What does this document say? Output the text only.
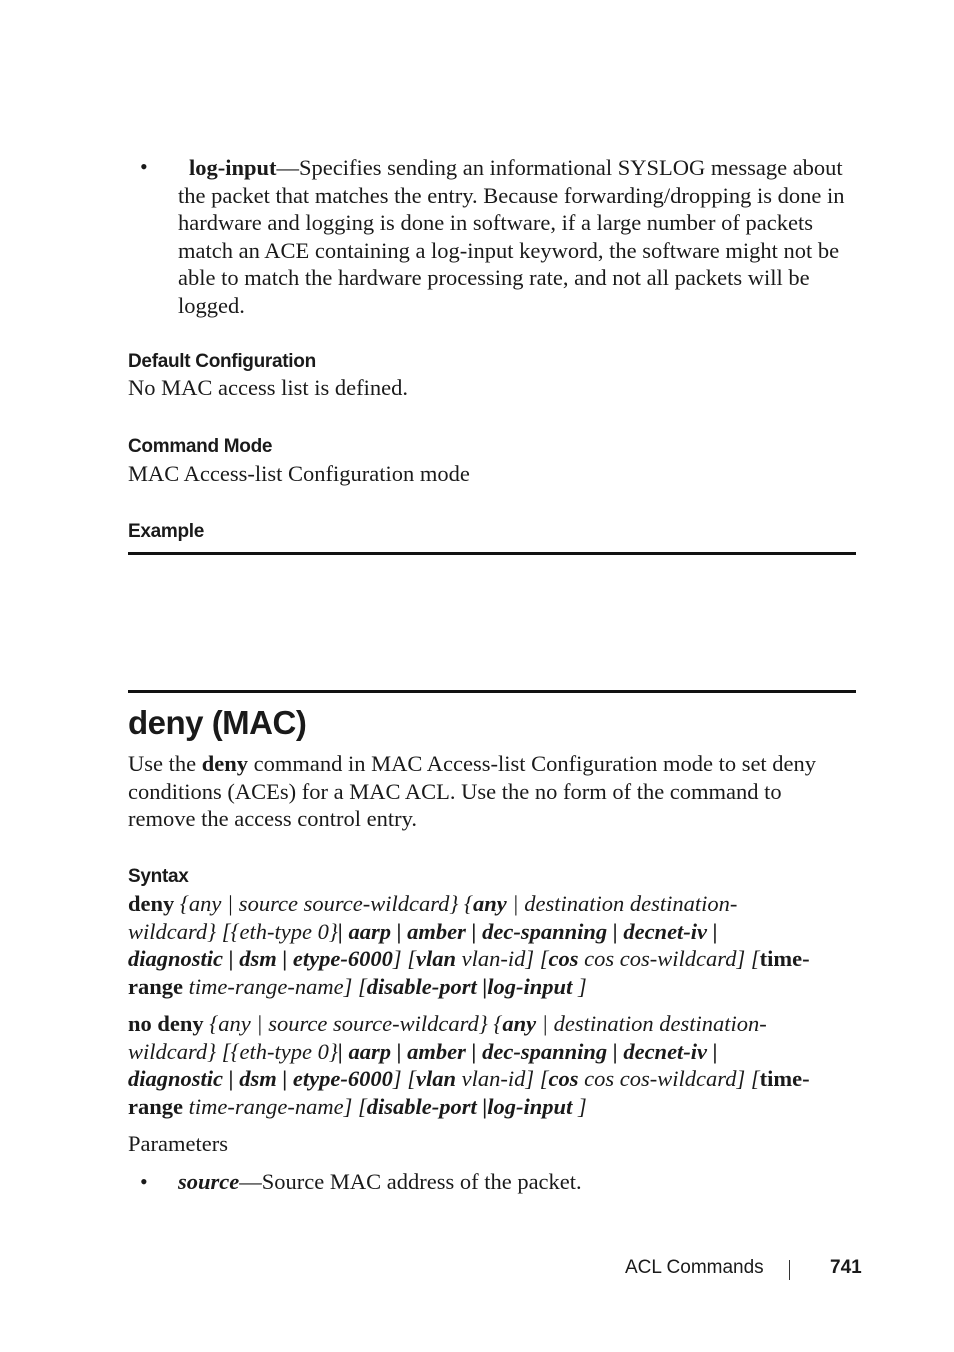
•	log-input—Specifies sending an informational SYSLOG message about
the packet that matches the entry. Because forwarding/dropping is done in
hardware and logging is done in software, if a large number of packets
match an ACE containing a log-input keyword, the software might not be
able to match the hardware processing rate, and not all packets will be
logged.
Default Configuration
No MAC access list is defined.
Command Mode
MAC Access-list Configuration mode
Example
deny (MAC)
Use the deny command in MAC Access-list Configuration mode to set deny
conditions (ACEs) for a MAC ACL. Use the no form of the command to
remove the access control entry.
Syntax
deny {any | source source-wildcard} {any | destination destination-
wildcard} [{eth-type 0}| aarp | amber | dec-spanning | decnet-iv |
diagnostic | dsm | etype-6000] [vlan vlan-id] [cos cos cos-wildcard] [time-
range time-range-name] [disable-port |log-input ]
no deny {any | source source-wildcard} {any | destination destination-
wildcard} [{eth-type 0}| aarp | amber | dec-spanning | decnet-iv |
diagnostic | dsm | etype-6000] [vlan vlan-id] [cos cos cos-wildcard] [time-
range time-range-name] [disable-port |log-input ]
Parameters
• source—Source MAC address of the packet.
ACL Commands	741
